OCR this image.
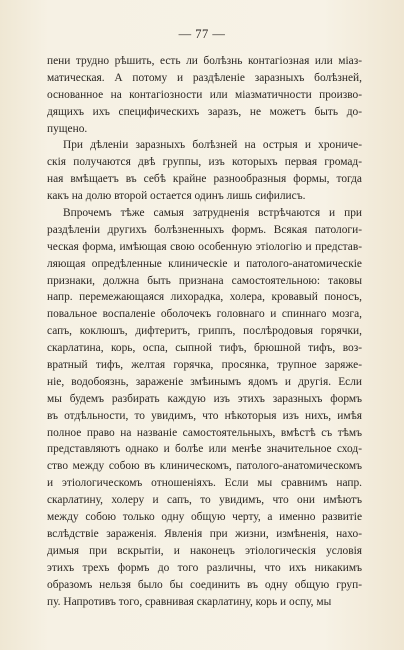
— 77 —
пени трудно рѣшить, есть ли болѣзнь контагiозная или мiаз-
матическая. А потому и раздѣленiе заразныхъ болѣзней,
основанное на контагiозности или мiазматичности произво-
дящихъ ихъ специфическихъ заразъ, не можетъ быть до-
пущено.
При дѣленiи заразныхъ болѣзней на острыя и хрониче-
скiя получаются двѣ группы, изъ которыхъ первая громад-
ная вмѣщаетъ въ себѣ крайне разнообразныя формы, тогда
какъ на долю второй остается одинъ лишь сифилисъ.
Впрочемъ тѣже самыя затрудненiя встрѣчаются и при
раздѣленiи другихъ болѣзненныхъ формъ. Всякая патологи-
ческая форма, имѣющая свою особенную этiологiю и представ-
ляющая опредѣленные клиническiе и патолого-анатомическiе
признаки, должна быть признана самостоятельною: таковы
напр. перемежающаяся лихорадка, холера, кровавый поносъ,
повальное воспаленiе оболочекъ головнаго и спиннаго мозга,
сапъ, коклюшъ, дифтеритъ, гриппъ, послѣродовыя горячки,
скарлатина, корь, оспа, сыпной тифъ, брюшной тифъ, воз-
вратный тифъ, желтая горячка, просянка, трупное заряже-
нiе, водобоязнь, зараженiе змѣинымъ ядомъ и другiя. Если
мы будемъ разбирать каждую изъ этихъ заразныхъ формъ
въ отдѣльности, то увидимъ, что нѣкоторыя изъ нихъ, имѣя
полное право на названiе самостоятельныхъ, вмѣстѣ съ тѣмъ
представляютъ однако и болѣе или менѣе значительное сход-
ство между собою въ клиническомъ, патолого-анатомическомъ
и этiологическомъ отношенiяхъ. Если мы сравнимъ напр.
скарлатину, холеру и сапъ, то увидимъ, что они имѣютъ
между собою только одну общую черту, а именно развитiе
вслѣдствiе зараженiя. Явленiя при жизни, измѣненiя, нахо-
димыя при вскрытiи, и наконецъ этiологическiя условiя
этихъ трехъ формъ до того различны, что ихъ никакимъ
образомъ нельзя было бы соединить въ одну общую груп-
пу. Напротивъ того, сравнивая скарлатину, корь и оспу, мы
